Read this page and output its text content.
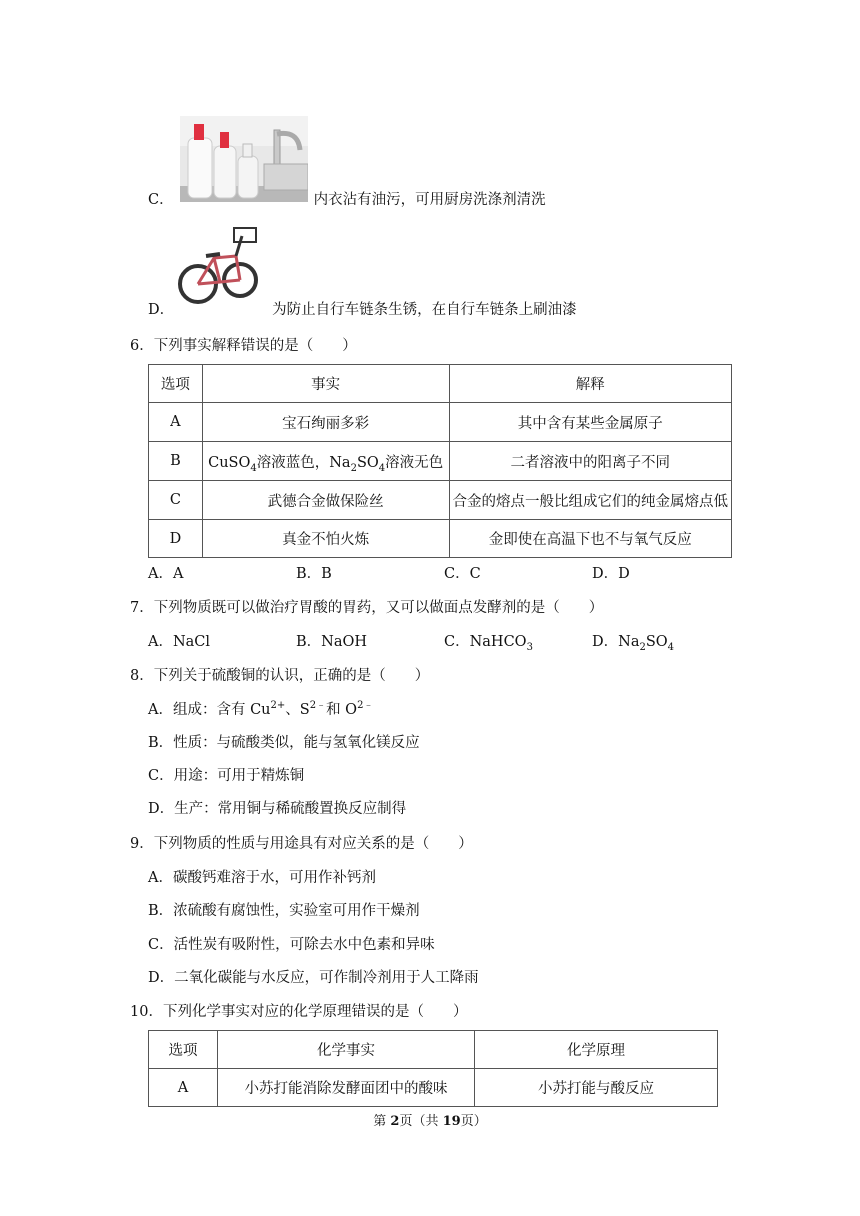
C．	内衣沾有油污，可用厨房洗涤剂清洗
D．	为防止自行车链条生锈，在自行车链条上刷油漆
6．下列事实解释错误的是（　　）
选项	事实	解释
A	宝石绚丽多彩	其中含有某些金属原子
B	CuSO$_4$溶液蓝色，$Na_2SO_4$溶液无色	二者溶液中的阳离子不同
C	武德合金做保险丝	合金的熔点一般比组成它们的纯金属熔点低
D	真金不怕火炼	金即使在高温下也不与氧气反应
A．A	B．B	C．C	D．D
7．下列物质既可以做治疗胃酸的胃药，又可以做面点发酵剂的是（　　）
A．NaCl	B．NaOH	C．NaHCO$_3$	D．$Na_2SO_4$
8．下列关于硫酸铜的认识，正确的是（　　）
A．组成：含有 $Cu^{2+}$、$S^{2﹣}$和 $O^{2﹣}$
B．性质：与硫酸类似，能与氢氧化镁反应
C．用途：可用于精炼铜
D．生产：常用铜与稀硫酸置换反应制得
9．下列物质的性质与用途具有对应关系的是（　　）
A．碳酸钙难溶于水，可用作补钙剂
B．浓硫酸有腐蚀性，实验室可用作干燥剂
C．活性炭有吸附性，可除去水中色素和异味
D．二氧化碳能与水反应，可作制冷剂用于人工降雨
10．下列化学事实对应的化学原理错误的是（　　）
选项	化学事实	化学原理
A	小苏打能消除发酵面团中的酸味	小苏打能与酸反应
第 2页（共 19页）
